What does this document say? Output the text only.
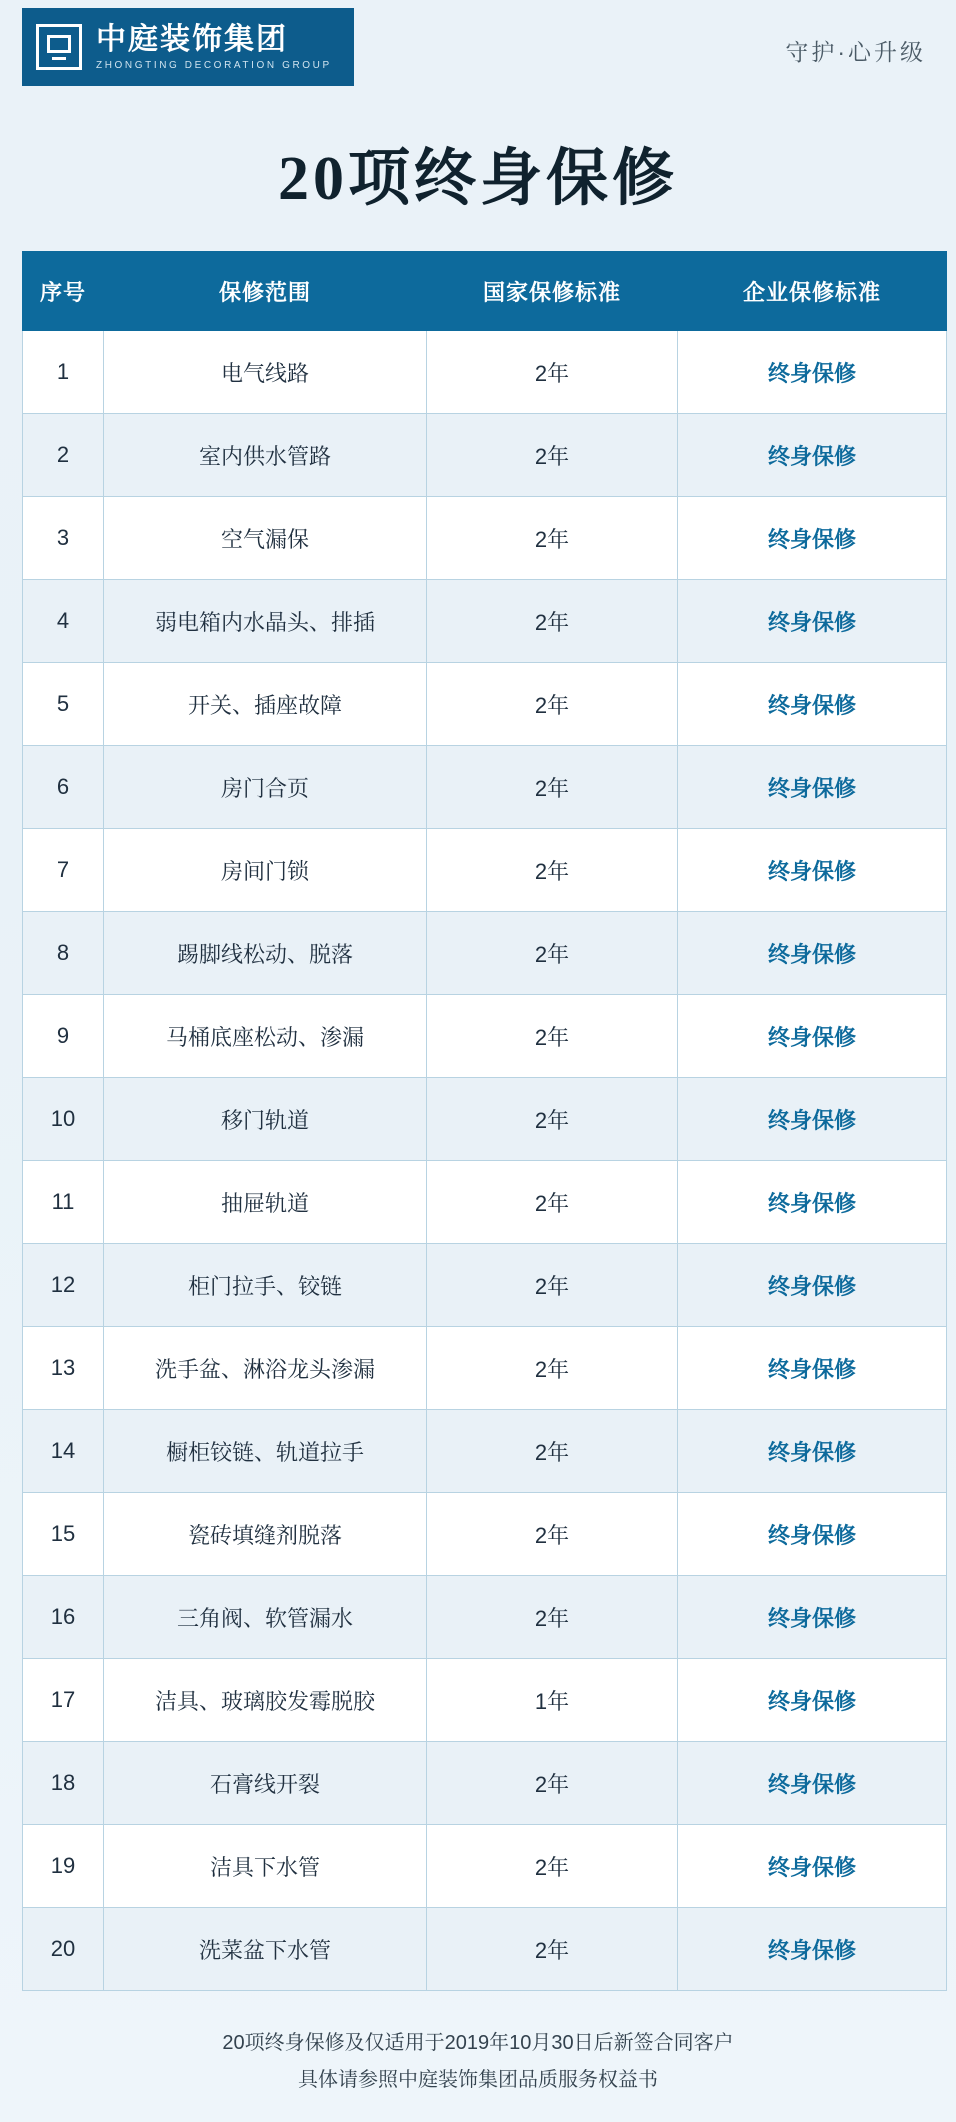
中庭装饰集团
ZHONGTING DECORATION GROUP
守护·心升级
20项终身保修
序号	保修范围	国家保修标准	企业保修标准
1	电气线路	2年	终身保修
2	室内供水管路	2年	终身保修
3	空气漏保	2年	终身保修
4	弱电箱内水晶头、排插	2年	终身保修
5	开关、插座故障	2年	终身保修
6	房门合页	2年	终身保修
7	房间门锁	2年	终身保修
8	踢脚线松动、脱落	2年	终身保修
9	马桶底座松动、渗漏	2年	终身保修
10	移门轨道	2年	终身保修
11	抽屉轨道	2年	终身保修
12	柜门拉手、铰链	2年	终身保修
13	洗手盆、淋浴龙头渗漏	2年	终身保修
14	橱柜铰链、轨道拉手	2年	终身保修
15	瓷砖填缝剂脱落	2年	终身保修
16	三角阀、软管漏水	2年	终身保修
17	洁具、玻璃胶发霉脱胶	1年	终身保修
18	石膏线开裂	2年	终身保修
19	洁具下水管	2年	终身保修
20	洗菜盆下水管	2年	终身保修
20项终身保修及仅适用于2019年10月30日后新签合同客户
具体请参照中庭装饰集团品质服务权益书
